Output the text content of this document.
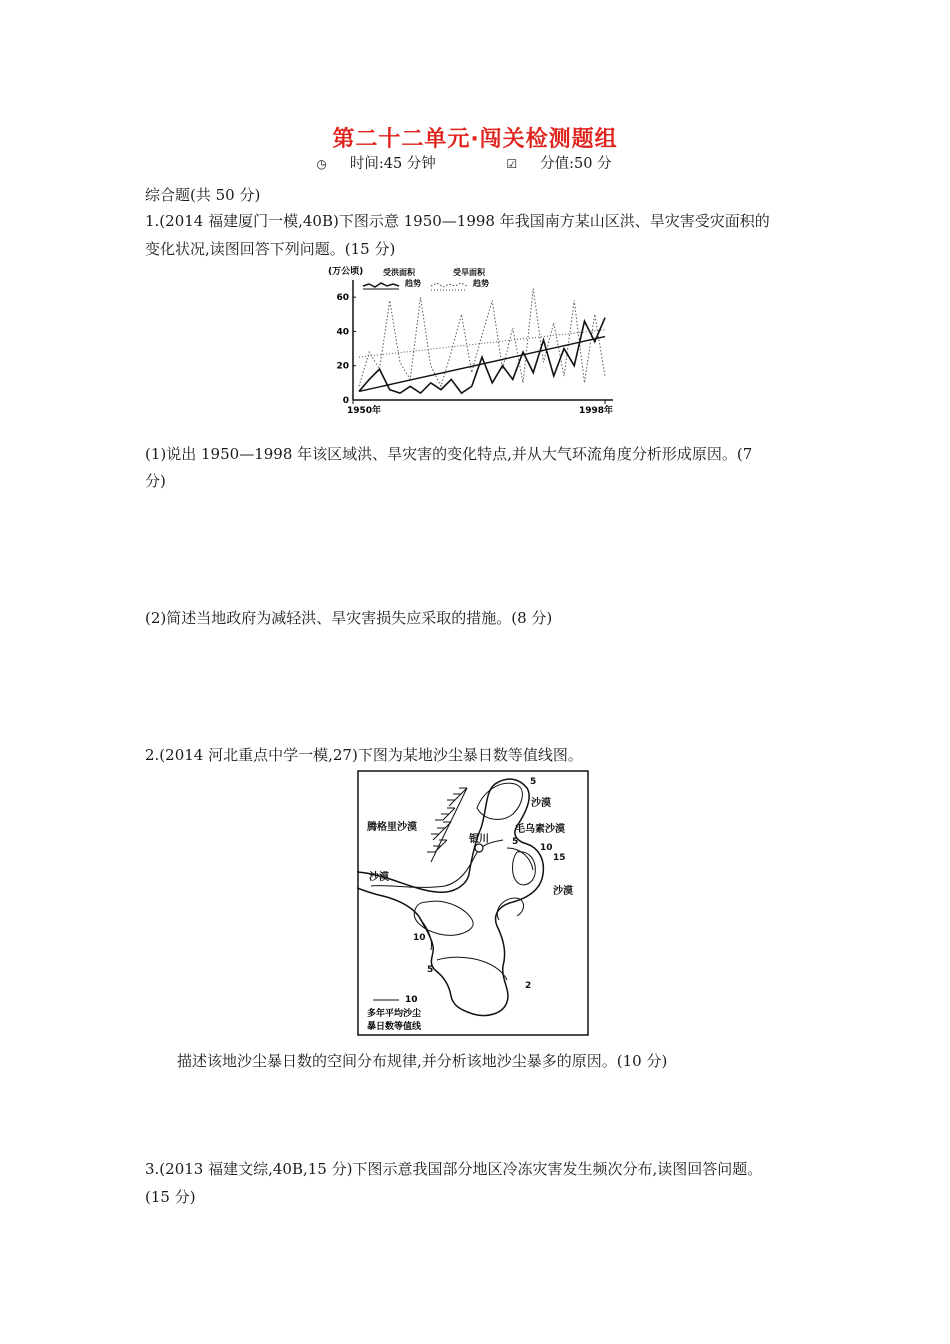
第二十二单元·闯关检测题组
◷ 时间:45 分钟	☑ 分值:50 分
综合题(共 50 分)
1.(2014 福建厦门一模,40B)下图示意 1950—1998 年我国南方某山区洪、旱灾害受灾面积的
变化状况,读图回答下列问题。(15 分)
(万公顷)
0
20
40
60
1950年	1998年
受洪面积
趋势
受旱面积
趋势
(1)说出 1950—1998 年该区域洪、旱灾害的变化特点,并从大气环流角度分析形成原因。(7
分)
(2)简述当地政府为减轻洪、旱灾害损失应采取的措施。(8 分)
2.(2014 河北重点中学一模,27)下图为某地沙尘暴日数等值线图。
腾格里沙漠
沙漠
毛乌素沙漠
银川
沙漠
沙漠
5
5
10
15
10
5
2
10
多年平均沙尘
暴日数等值线
描述该地沙尘暴日数的空间分布规律,并分析该地沙尘暴多的原因。(10 分)
3.(2013 福建文综,40B,15 分)下图示意我国部分地区冷冻灾害发生频次分布,读图回答问题。
(15 分)
